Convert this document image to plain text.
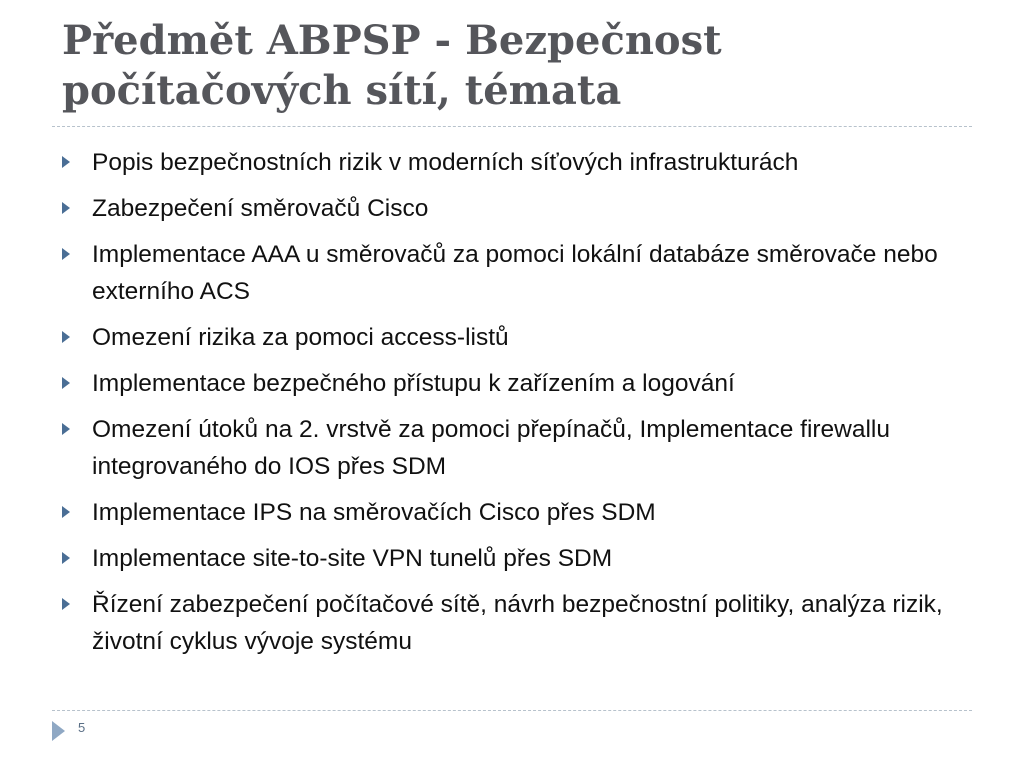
Předmět ABPSP - Bezpečnost
počítačových sítí, témata
Popis bezpečnostních rizik v moderních síťových infrastrukturách
Zabezpečení směrovačů Cisco
Implementace AAA u směrovačů za pomoci lokální databáze směrovače nebo externího ACS
Omezení rizika za pomoci access-listů
Implementace bezpečného přístupu k zařízením a logování
Omezení útoků na 2. vrstvě za pomoci přepínačů, Implementace firewallu integrovaného do IOS přes SDM
Implementace IPS na směrovačích Cisco přes SDM
Implementace site-to-site VPN tunelů přes SDM
Řízení zabezpečení počítačové sítě, návrh bezpečnostní politiky, analýza rizik, životní cyklus vývoje systému
5
